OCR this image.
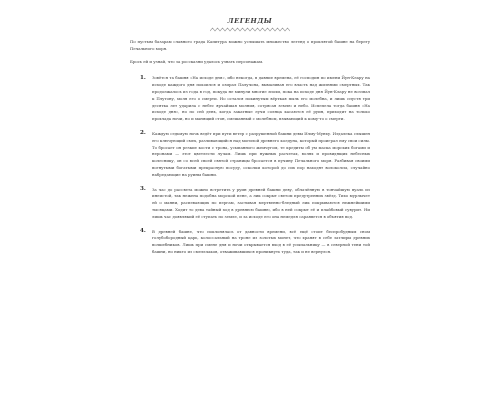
ЛЕГЕНДЫ

По пустым базарам славного града Капитура можно услышать множество легенд о проклятой башне на берегу Печального моря.

Брось ей и узнай, что за россказни удалось узнать персонажам.

1. Зовётся та башня «На исходе дня», ибо некогда, в давние времена, её господин по имени Йун-Клару на исходе каждого дня покоился и озирал Палучона, вымаливая его власть над жизнями смертных. Так продолжалось из года в год, покуда не минули многие эпохи, пока на исходе дня Йун-Клару не воззвал к Плутону, моля его о смерти. Но остался покинутым вёрткая пыль его молебна, и лишь спустя три десятка лет ударила с небес ярчайшая молния, сотрясая землю и небо. Испепела тогда башня «На исходе дня», но по сей день, когда закатные лучи солнца касаются её руин, приходит на только прохлада ночи, но и манящий стон, смешанный с молебном, взывающий к кому-то о смерти.

2. Каждую седьмую ночь ведёт при пути ветер с разрушенной башни девы Илму-Мунху. Издалека слышен его ключующий смех, разливающийся над могилой древнего колдуна, который проиграл ему свои силы. То бросает он резкие кости с трона, усыпанного жемчугом, те кредиты об ум маска морских богами и неронами — этот цветлести лучам. Лишь при нужных расчетах, волях и провидящих небесных колесницу, он со всей своей святой страницы бросается в пучину Печального моря. Разбивая своими вогнутыми богатыми прекрасную посуду, осколки которой до сих пор находят волоколсы, случайно набредающие на руины башни.

3. За час до рассвета можно встретить у руин древней башни деву, облачённую в тончайшую вуаль из инеистой, так нежена подобна морской пене, а лик сокрыт светом предутренних звёзд. Тихо мурлычет ей о манни, распевающих по пергам, застывая мертвенно-бледный лик покрываются нежнейшими тысяцами. Ходит то дева тайный ход в древнюю башню, ибо в ней сокрыт её и плайбовый сувурит. Ни лишь час доявлякий её ступать по земле, и за исходе его она немедля сараявется в объятия вод.

4. В древней башне, что поклонялась от давности времени, всё ещё стоит беспробудным сном голубобородный царь, колоссальный на троне из золотых монет, что хранят в себе затлиры древних волшебников. Лишь при смене дня и ночи открывается вход в её усыпальницу — в северной тени той башни, но никто из смельчаков, отваживавшихся проникнуть туда, так и не вернулся.
